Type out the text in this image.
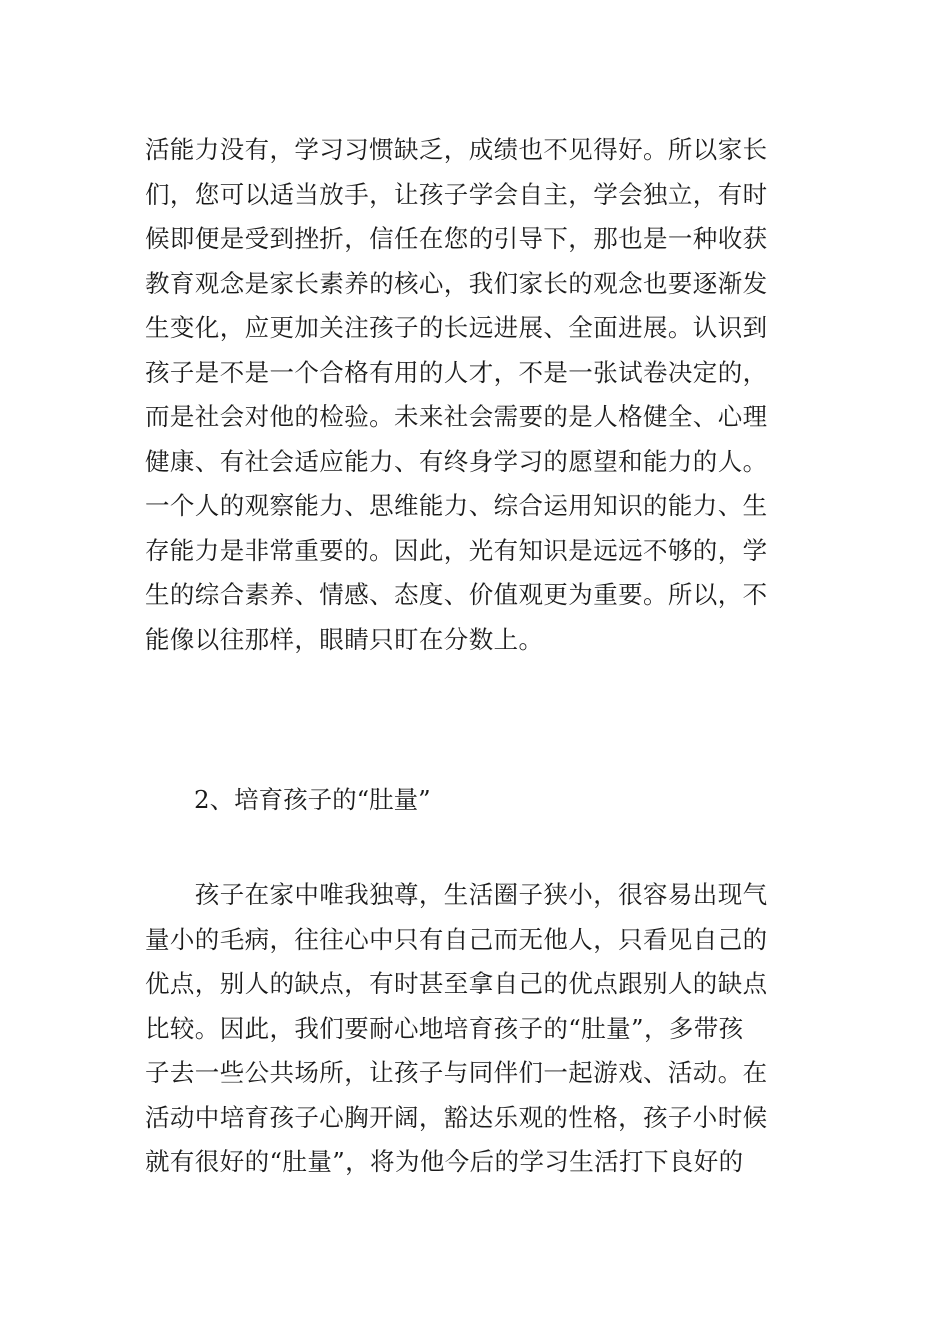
活能力没有，学习习惯缺乏，成绩也不见得好。所以家长
们，您可以适当放手，让孩子学会自主，学会独立，有时
候即便是受到挫折，信任在您的引导下，那也是一种收获
教育观念是家长素养的核心，我们家长的观念也要逐渐发
生变化，应更加关注孩子的长远进展、全面进展。认识到
孩子是不是一个合格有用的人才，不是一张试卷决定的，
而是社会对他的检验。未来社会需要的是人格健全、心理
健康、有社会适应能力、有终身学习的愿望和能力的人。
一个人的观察能力、思维能力、综合运用知识的能力、生
存能力是非常重要的。因此，光有知识是远远不够的，学
生的综合素养、情感、态度、价值观更为重要。所以，不
能像以往那样，眼睛只盯在分数上。
2、培育孩子的“肚量”
　　孩子在家中唯我独尊，生活圈子狭小，很容易出现气
量小的毛病，往往心中只有自己而无他人，只看见自己的
优点，别人的缺点，有时甚至拿自己的优点跟别人的缺点
比较。因此，我们要耐心地培育孩子的“肚量”，多带孩
子去一些公共场所，让孩子与同伴们一起游戏、活动。在
活动中培育孩子心胸开阔，豁达乐观的性格，孩子小时候
就有很好的“肚量”，将为他今后的学习生活打下良好的
